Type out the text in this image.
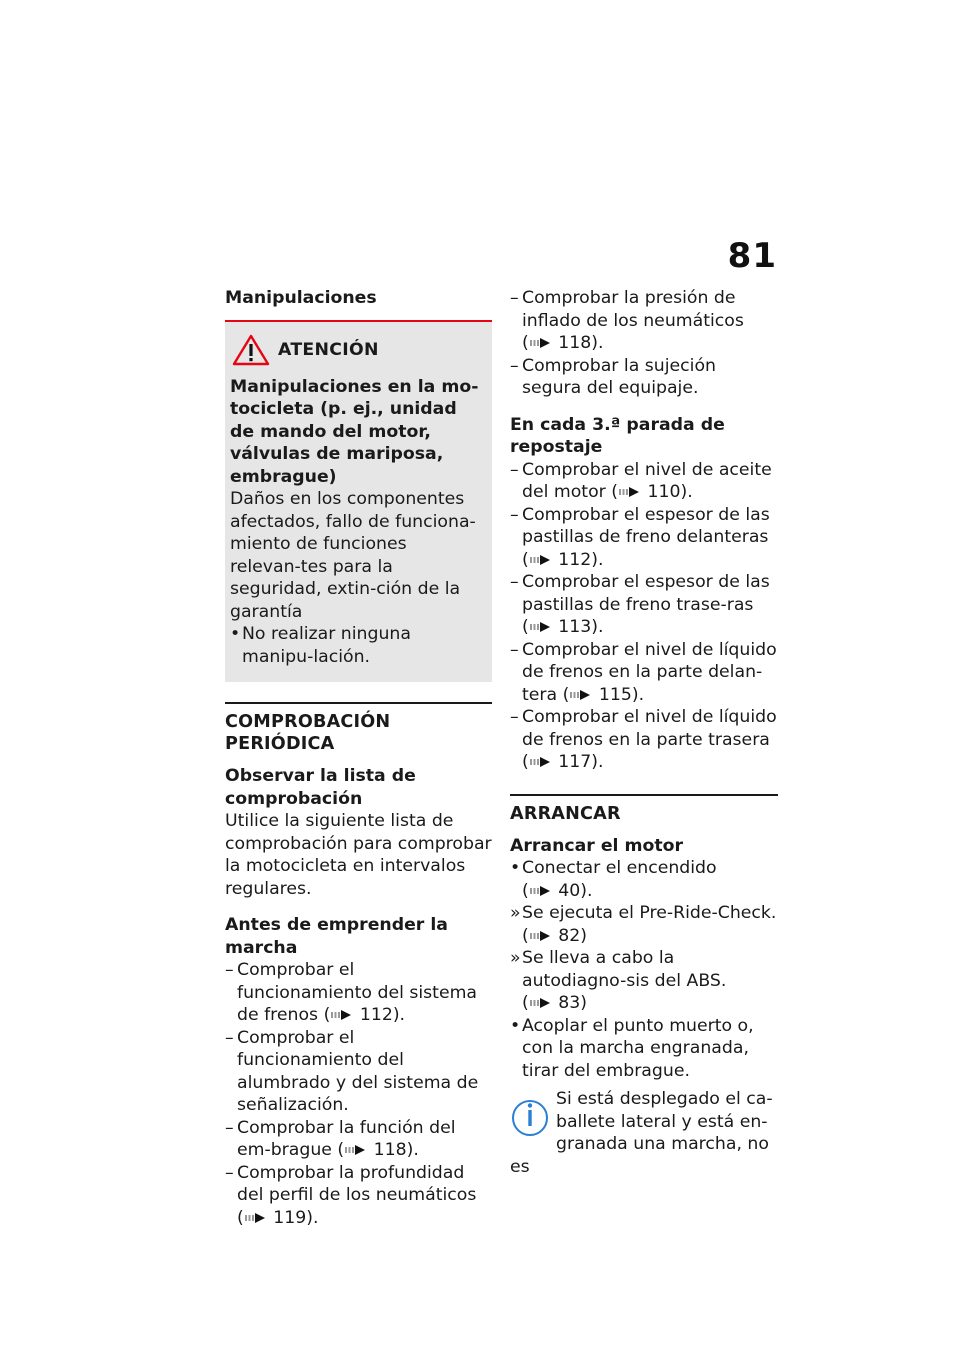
81
Manipulaciones
ATENCIÓN
Manipulaciones en la mo-tocicleta (p. ej., unidad de mando del motor, válvulas de mariposa, embrague)
Daños en los componentes afectados, fallo de funciona-miento de funciones relevan-tes para la seguridad, extin-ción de la garantía
• No realizar ninguna manipu-lación.
COMPROBACIÓN PERIÓDICA
Observar la lista de comprobación
Utilice la siguiente lista de comprobación para comprobar la motocicleta en intervalos regulares.
Antes de emprender la marcha
– Comprobar el funcionamiento del sistema de frenos ( 112).
– Comprobar el funcionamiento del alumbrado y del sistema de señalización.
– Comprobar la función del em-brague ( 118).
– Comprobar la profundidad del perfil de los neumáticos ( 119).
– Comprobar la presión de inflado de los neumáticos ( 118).
– Comprobar la sujeción segura del equipaje.
En cada 3.ª parada de repostaje
– Comprobar el nivel de aceite del motor ( 110).
– Comprobar el espesor de las pastillas de freno delanteras ( 112).
– Comprobar el espesor de las pastillas de freno trase-ras ( 113).
– Comprobar el nivel de líquido de frenos en la parte delan-tera ( 115).
– Comprobar el nivel de líquido de frenos en la parte trasera ( 117).
ARRANCAR
Arrancar el motor
• Conectar el encendido ( 40).
» Se ejecuta el Pre-Ride-Check. ( 82)
» Se lleva a cabo la autodiagno-sis del ABS. ( 83)
• Acoplar el punto muerto o, con la marcha engranada, tirar del embrague.
Si está desplegado el ca-ballete lateral y está en-granada una marcha, no es
